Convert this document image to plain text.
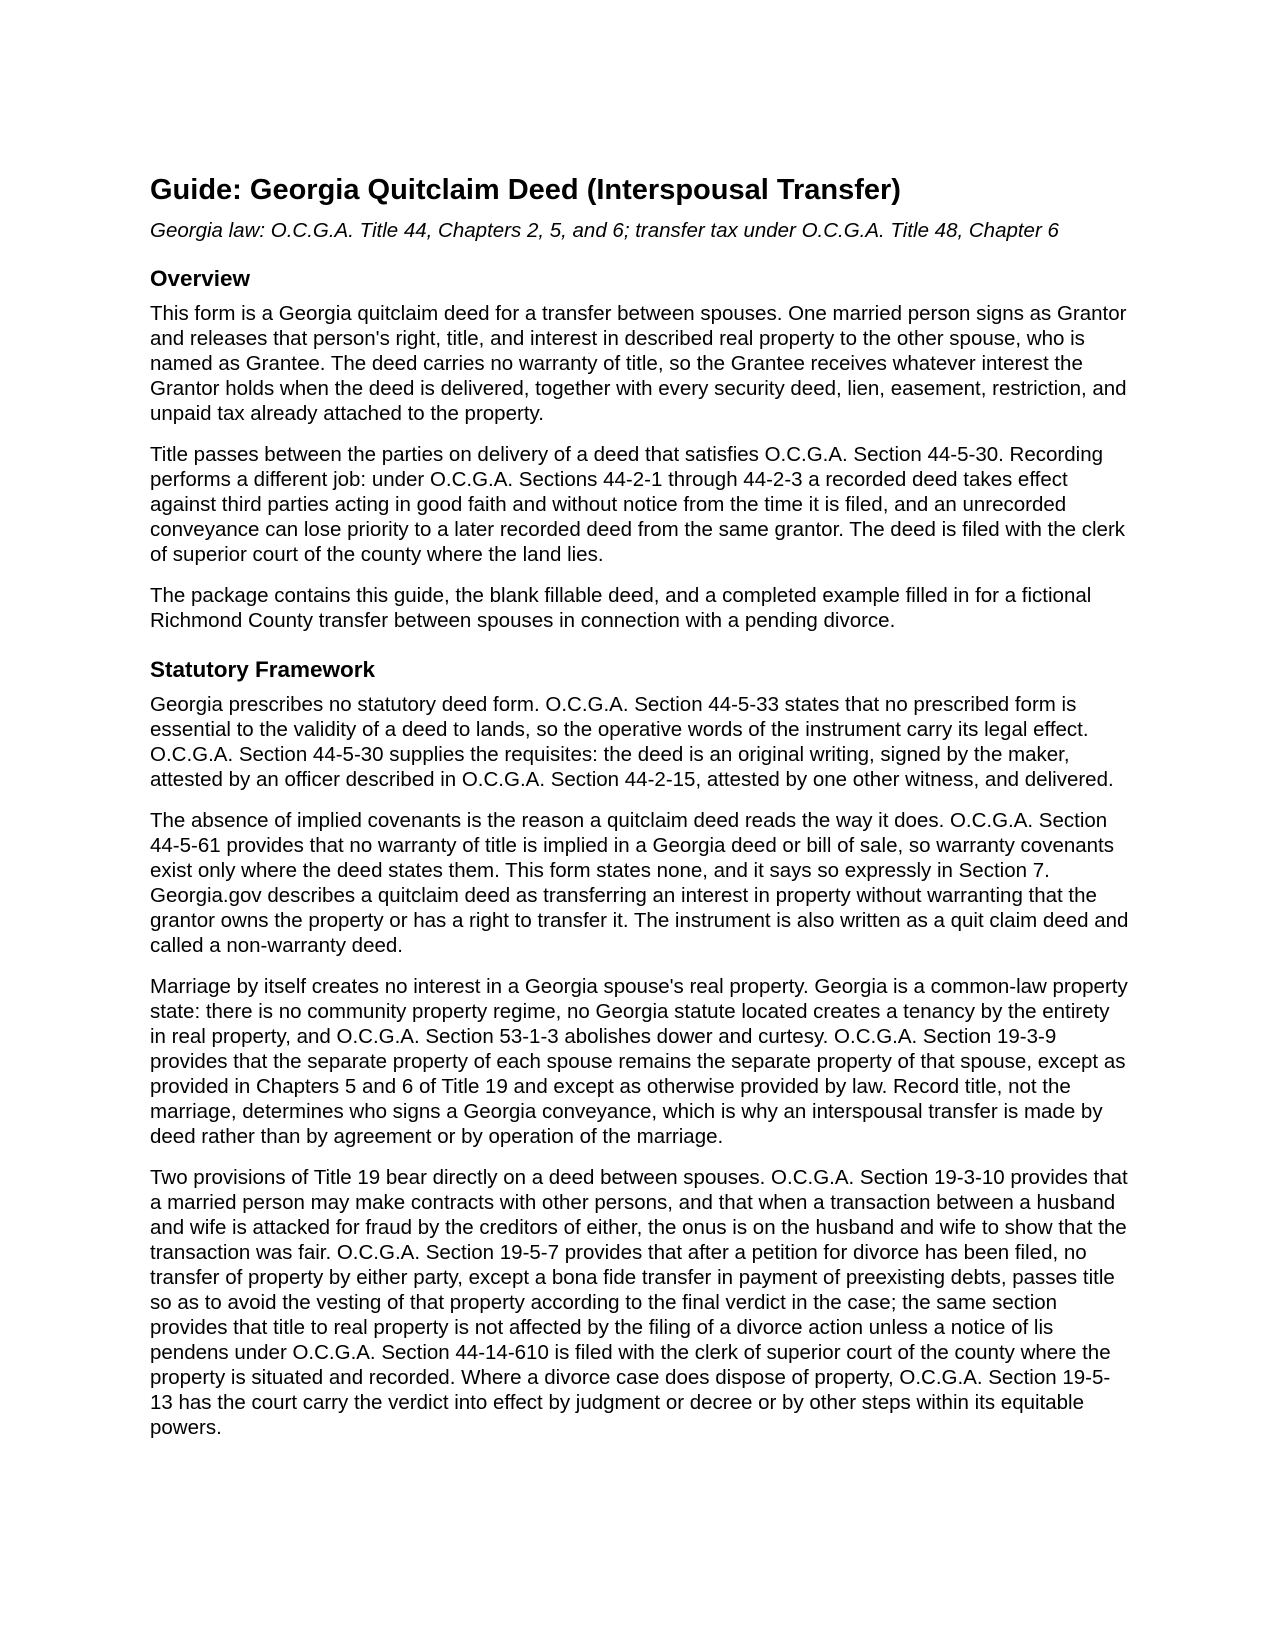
Guide: Georgia Quitclaim Deed (Interspousal Transfer)

Georgia law: O.C.G.A. Title 44, Chapters 2, 5, and 6; transfer tax under O.C.G.A. Title 48, Chapter 6

Overview

This form is a Georgia quitclaim deed for a transfer between spouses. One married person signs as Grantor and releases that person's right, title, and interest in described real property to the other spouse, who is named as Grantee. The deed carries no warranty of title, so the Grantee receives whatever interest the Grantor holds when the deed is delivered, together with every security deed, lien, easement, restriction, and unpaid tax already attached to the property.

Title passes between the parties on delivery of a deed that satisfies O.C.G.A. Section 44-5-30. Recording performs a different job: under O.C.G.A. Sections 44-2-1 through 44-2-3 a recorded deed takes effect against third parties acting in good faith and without notice from the time it is filed, and an unrecorded conveyance can lose priority to a later recorded deed from the same grantor. The deed is filed with the clerk of superior court of the county where the land lies.

The package contains this guide, the blank fillable deed, and a completed example filled in for a fictional Richmond County transfer between spouses in connection with a pending divorce.

Statutory Framework

Georgia prescribes no statutory deed form. O.C.G.A. Section 44-5-33 states that no prescribed form is essential to the validity of a deed to lands, so the operative words of the instrument carry its legal effect. O.C.G.A. Section 44-5-30 supplies the requisites: the deed is an original writing, signed by the maker, attested by an officer described in O.C.G.A. Section 44-2-15, attested by one other witness, and delivered.

The absence of implied covenants is the reason a quitclaim deed reads the way it does. O.C.G.A. Section 44-5-61 provides that no warranty of title is implied in a Georgia deed or bill of sale, so warranty covenants exist only where the deed states them. This form states none, and it says so expressly in Section 7. Georgia.gov describes a quitclaim deed as transferring an interest in property without warranting that the grantor owns the property or has a right to transfer it. The instrument is also written as a quit claim deed and called a non-warranty deed.

Marriage by itself creates no interest in a Georgia spouse's real property. Georgia is a common-law property state: there is no community property regime, no Georgia statute located creates a tenancy by the entirety in real property, and O.C.G.A. Section 53-1-3 abolishes dower and curtesy. O.C.G.A. Section 19-3-9 provides that the separate property of each spouse remains the separate property of that spouse, except as provided in Chapters 5 and 6 of Title 19 and except as otherwise provided by law. Record title, not the marriage, determines who signs a Georgia conveyance, which is why an interspousal transfer is made by deed rather than by agreement or by operation of the marriage.

Two provisions of Title 19 bear directly on a deed between spouses. O.C.G.A. Section 19-3-10 provides that a married person may make contracts with other persons, and that when a transaction between a husband and wife is attacked for fraud by the creditors of either, the onus is on the husband and wife to show that the transaction was fair. O.C.G.A. Section 19-5-7 provides that after a petition for divorce has been filed, no transfer of property by either party, except a bona fide transfer in payment of preexisting debts, passes title so as to avoid the vesting of that property according to the final verdict in the case; the same section provides that title to real property is not affected by the filing of a divorce action unless a notice of lis pendens under O.C.G.A. Section 44-14-610 is filed with the clerk of superior court of the county where the property is situated and recorded. Where a divorce case does dispose of property, O.C.G.A. Section 19-5-13 has the court carry the verdict into effect by judgment or decree or by other steps within its equitable powers.
